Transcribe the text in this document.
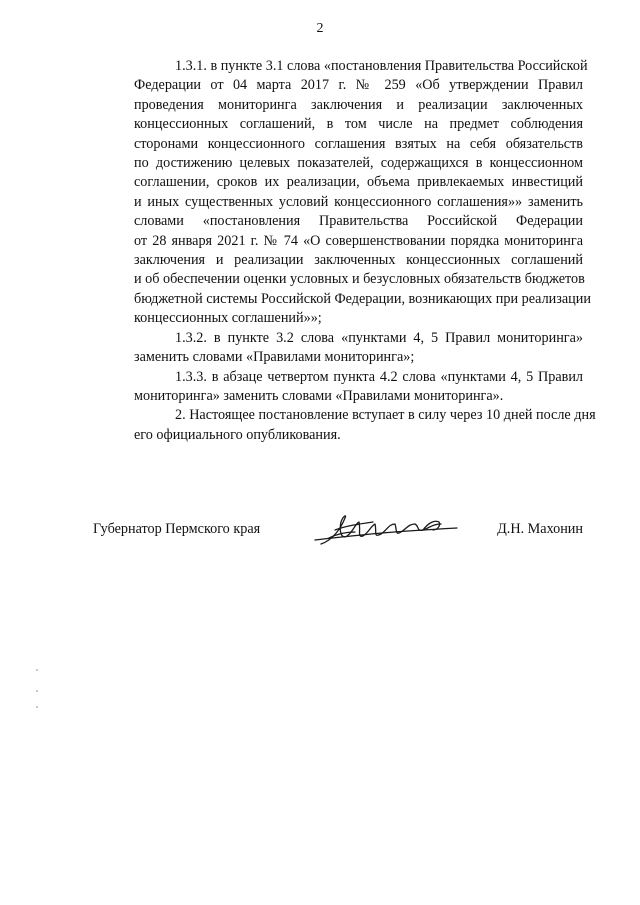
2

1.3.1. в пункте 3.1 слова «постановления Правительства Российской
Федерации от 04 марта 2017 г. № 259 «Об утверждении Правил
проведения мониторинга заключения и реализации заключенных
концессионных соглашений, в том числе на предмет соблюдения
сторонами концессионного соглашения взятых на себя обязательств
по достижению целевых показателей, содержащихся в концессионном
соглашении, сроков их реализации, объема привлекаемых инвестиций
и иных существенных условий концессионного соглашения»» заменить
словами «постановления Правительства Российской Федерации
от 28 января 2021 г. № 74 «О совершенствовании порядка мониторинга
заключения и реализации заключенных концессионных соглашений
и об обеспечении оценки условных и безусловных обязательств бюджетов
бюджетной системы Российской Федерации, возникающих при реализации
концессионных соглашений»»;

1.3.2. в пункте 3.2 слова «пунктами 4, 5 Правил мониторинга»
заменить словами «Правилами мониторинга»;

1.3.3. в абзаце четвертом пункта 4.2 слова «пунктами 4, 5 Правил
мониторинга» заменить словами «Правилами мониторинга».

2. Настоящее постановление вступает в силу через 10 дней после дня
его официального опубликования.

Губернатор Пермского края	Д.Н. Махонин
